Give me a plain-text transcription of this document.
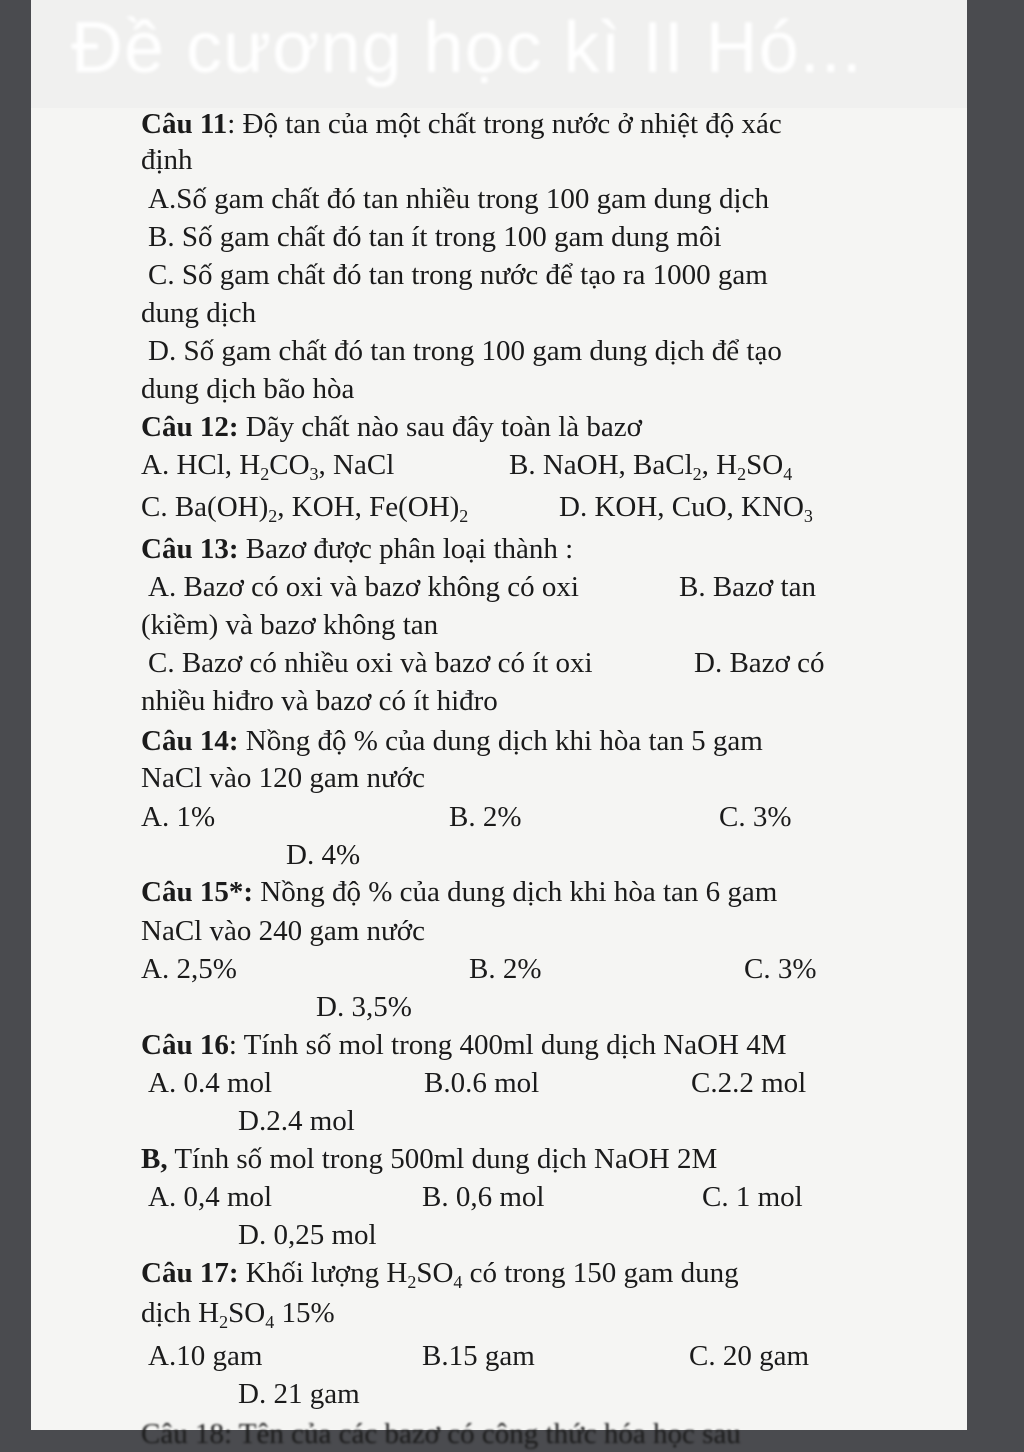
Đề cương học kì II Hó...
Câu 11: Độ tan của một chất trong nước ở nhiệt độ xác
định
A.Số gam chất đó tan nhiều trong 100 gam dung dịch
B. Số gam chất đó tan ít trong 100 gam dung môi
C. Số gam chất đó tan trong nước để tạo ra 1000 gam
dung dịch
D. Số gam chất đó tan trong 100 gam dung dịch để tạo
dung dịch bão hòa
Câu 12: Dãy chất nào sau đây toàn là bazơ
A. HCl, $H_2CO_3$, NaCl	B. NaOH, BaCl$_2$, $H_2SO_4$
C. $Ba(OH)_2$, KOH, $Fe(OH)_2$	D. KOH, CuO, $KNO_3$
Câu 13: Bazơ được phân loại thành :
A. Bazơ có oxi và bazơ không có oxi	B. Bazơ tan
(kiềm) và bazơ không tan
C. Bazơ có nhiều oxi và bazơ có ít oxi	D. Bazơ có
nhiều hiđro và bazơ có ít hiđro
Câu 14: Nồng độ % của dung dịch khi hòa tan 5 gam
NaCl vào 120 gam nước
A. 1%	B. 2%	C. 3%
D. 4%
Câu 15*: Nồng độ % của dung dịch khi hòa tan 6 gam
NaCl vào 240 gam nước
A. 2,5%	B. 2%	C. 3%
D. 3,5%
Câu 16: Tính số mol trong 400ml dung dịch NaOH 4M
A. 0.4 mol	B.0.6 mol	C.2.2 mol
D.2.4 mol
B, Tính số mol trong 500ml dung dịch NaOH 2M
A. 0,4 mol	B. 0,6 mol	C. 1 mol
D. 0,25 mol
Câu 17: Khối lượng $H_2SO_4$ có trong 150 gam dung
dịch $H_2SO_4$ 15%
A.10 gam	B.15 gam	C. 20 gam
D. 21 gam
Câu 18: Tên của các bazơ có công thức hóa học sau
